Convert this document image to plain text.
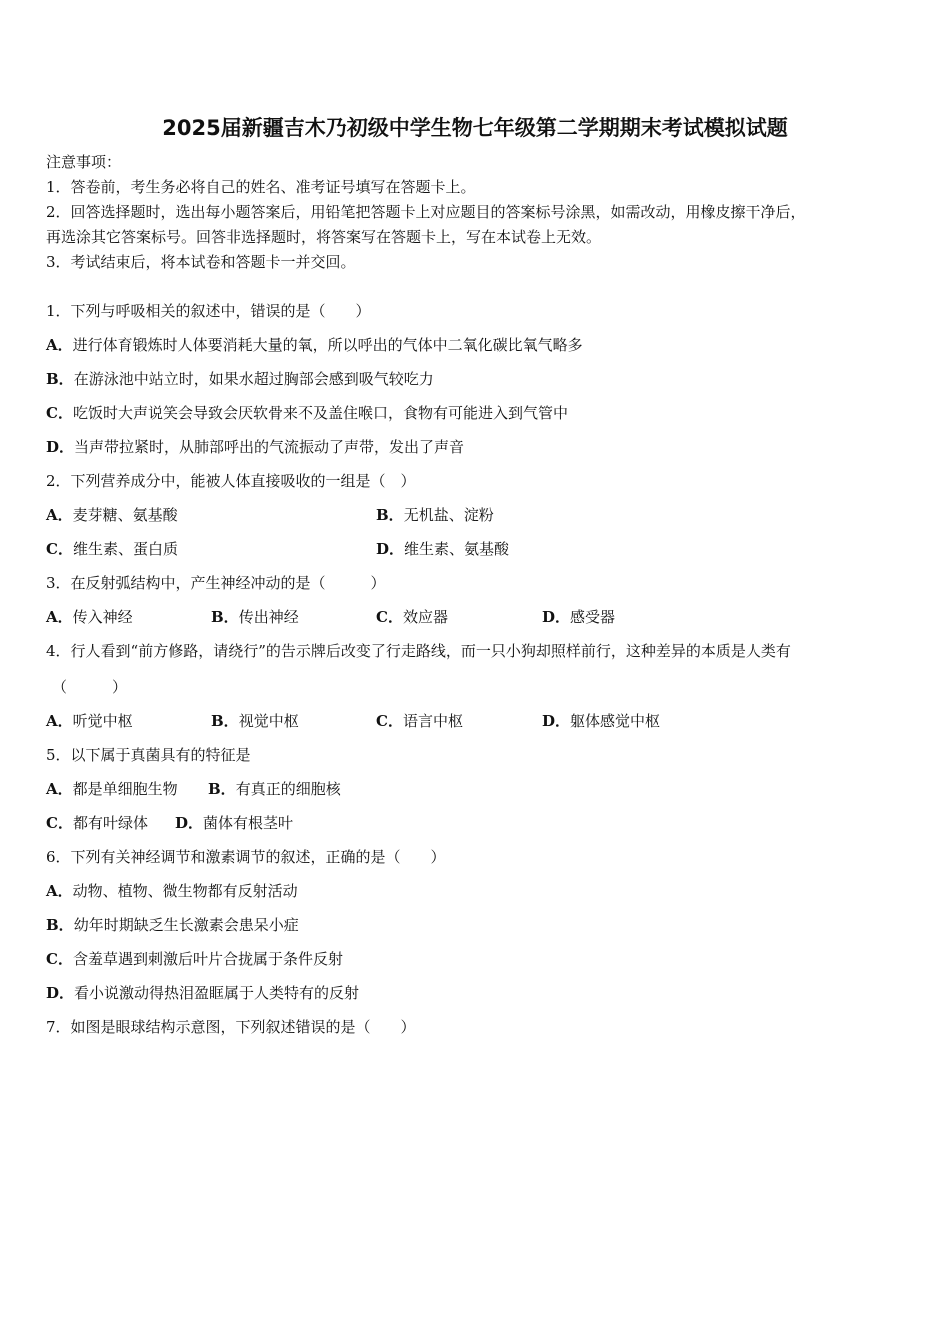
2025届新疆吉木乃初级中学生物七年级第二学期期末考试模拟试题
注意事项：
1．答卷前，考生务必将自己的姓名、准考证号填写在答题卡上。
2．回答选择题时，选出每小题答案后，用铅笔把答题卡上对应题目的答案标号涂黑，如需改动，用橡皮擦干净后，
再选涂其它答案标号。回答非选择题时，将答案写在答题卡上，写在本试卷上无效。
3．考试结束后，将本试卷和答题卡一并交回。
1．下列与呼吸相关的叙述中，错误的是（　　）
A．进行体育锻炼时人体要消耗大量的氧，所以呼出的气体中二氧化碳比氧气略多
B．在游泳池中站立时，如果水超过胸部会感到吸气较吃力
C．吃饭时大声说笑会导致会厌软骨来不及盖住喉口，食物有可能进入到气管中
D．当声带拉紧时，从肺部呼出的气流振动了声带，发出了声音
2．下列营养成分中，能被人体直接吸收的一组是（　）
A．麦芽糖、氨基酸	B．无机盐、淀粉
C．维生素、蛋白质	D．维生素、氨基酸
3．在反射弧结构中，产生神经冲动的是（　　　）
A．传入神经	B．传出神经	C．效应器	D．感受器
4．行人看到“前方修路，请绕行”的告示牌后改变了行走路线，而一只小狗却照样前行，这种差异的本质是人类有
（　　　）
A．听觉中枢	B．视觉中枢	C．语言中枢	D．躯体感觉中枢
5．以下属于真菌具有的特征是
A．都是单细胞生物 B．有真正的细胞核
C．都有叶绿体 D．菌体有根茎叶
6．下列有关神经调节和激素调节的叙述，正确的是（　　）
A．动物、植物、微生物都有反射活动
B．幼年时期缺乏生长激素会患呆小症
C．含羞草遇到刺激后叶片合拢属于条件反射
D．看小说激动得热泪盈眶属于人类特有的反射
7．如图是眼球结构示意图，下列叙述错误的是（　　）
